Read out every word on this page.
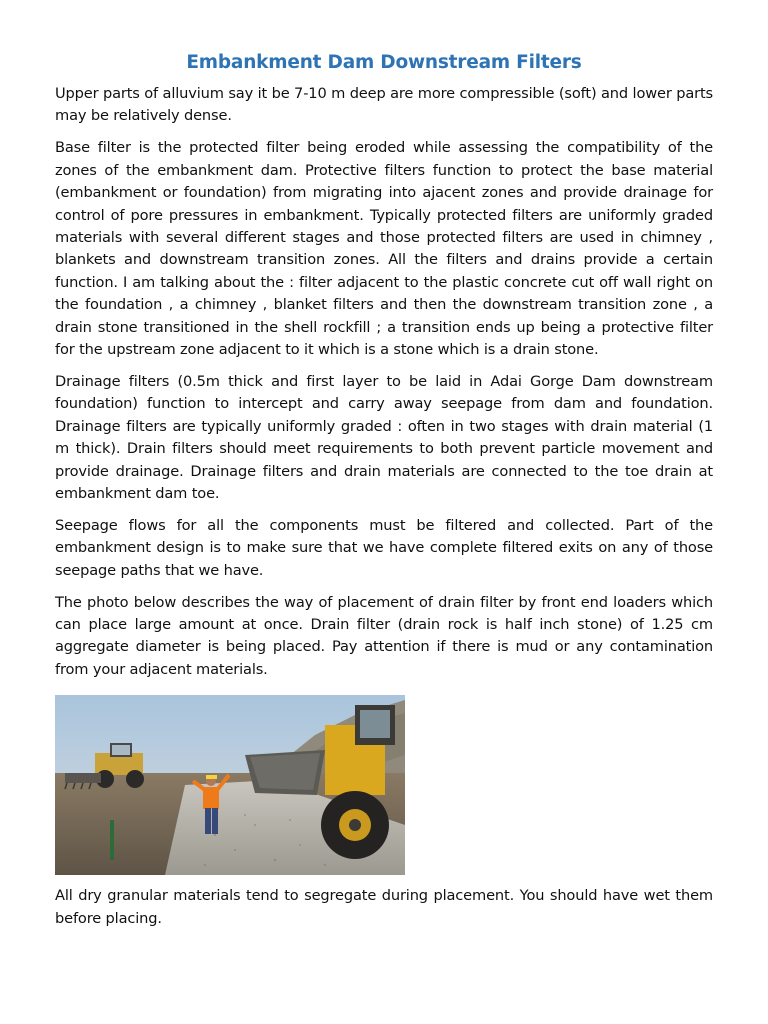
Embankment Dam Downstream Filters

Upper parts of alluvium say it be 7-10 m deep are more compressible (soft) and lower parts may be relatively dense.

Base filter is the protected filter being eroded while assessing the compatibility of the zones of the embankment dam. Protective filters function to protect the base material (embankment or foundation) from migrating into ajacent zones and provide drainage for control of pore pressures in embankment. Typically protected filters are uniformly graded materials with several different stages and those protected filters are used in chimney , blankets and downstream transition zones. All the filters and drains provide a certain function. I am talking about the : filter adjacent to the plastic concrete cut off wall right on the foundation , a chimney , blanket filters and then the downstream transition zone , a drain stone transitioned in the shell rockfill ; a transition ends up being a protective filter for the upstream zone adjacent to it which is a stone which is a drain stone.

Drainage filters (0.5m thick and first layer to be laid in Adai Gorge Dam downstream foundation) function to intercept and carry away seepage from dam and foundation. Drainage filters are typically uniformly graded : often in two stages with drain material (1 m thick). Drain filters should meet requirements to both prevent particle movement and provide drainage. Drainage filters and drain materials are connected to the toe drain at embankment dam toe.

Seepage flows for all the components must be filtered and collected. Part of the embankment design is to make sure that we have complete filtered exits on any of those seepage paths that we have.

The photo below describes the way of placement of drain filter by front end loaders which can place large amount at once. Drain filter (drain rock is half inch stone) of 1.25 cm aggregate diameter is being placed. Pay attention if there is mud or any contamination from your adjacent materials.

All dry granular materials tend to segregate during placement. You should have wet them before placing.
